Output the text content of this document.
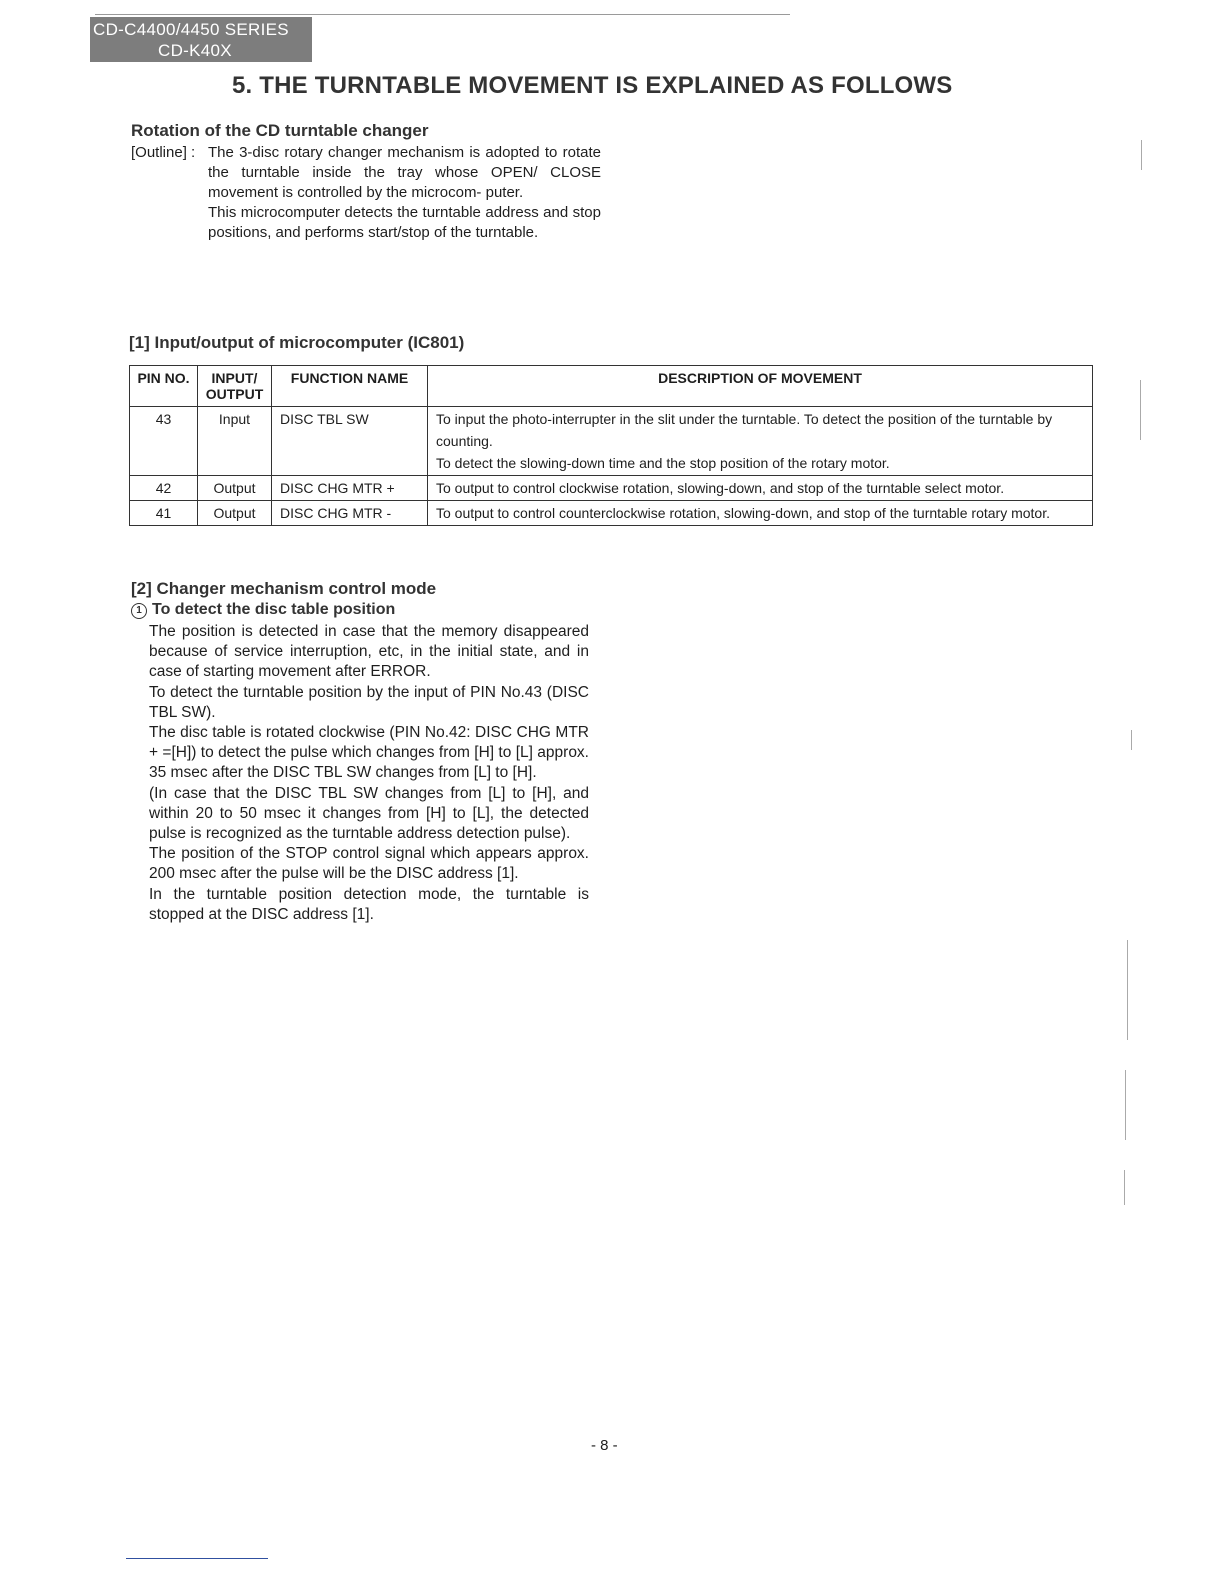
CD-C4400/4450 SERIES
CD-K40X
5. THE TURNTABLE MOVEMENT IS EXPLAINED AS FOLLOWS
Rotation of the CD turntable changer
[Outline] : The 3-disc rotary changer mechanism is adopted to rotate the turntable inside the tray whose OPEN/ CLOSE movement is controlled by the microcom- puter.

This microcomputer detects the turntable address and stop positions, and performs start/stop of the turntable.

[1] Input/output of microcomputer (IC801)
PIN NO.	INPUT/ OUTPUT	FUNCTION NAME	DESCRIPTION OF MOVEMENT
43	Input	DISC TBL SW	To input the photo-interrupter in the slit under the turntable. To detect the position of the turntable by counting.
To detect the slowing-down time and the stop position of the rotary motor.

42	Output	DISC CHG MTR +	To output to control clockwise rotation, slowing-down, and stop of the turntable select motor.
41	Output	DISC CHG MTR -	To output to control counterclockwise rotation, slowing-down, and stop of the turntable rotary motor.
[2] Changer mechanism control mode
1 To detect the disc table position

The position is detected in case that the memory disappeared because of service interruption, etc, in the initial state, and in case of starting movement after ERROR.

To detect the turntable position by the input of PIN No.43 (DISC TBL SW).

The disc table is rotated clockwise (PIN No.42: DISC CHG MTR + =[H]) to detect the pulse which changes from [H] to [L] approx. 35 msec after the DISC TBL SW changes from [L] to [H].

(In case that the DISC TBL SW changes from [L] to [H], and within 20 to 50 msec it changes from [H] to [L], the detected pulse is recognized as the turntable address detection pulse).

The position of the STOP control signal which appears approx. 200 msec after the pulse will be the DISC address [1].

In the turntable position detection mode, the turntable is stopped at the DISC address [1].

- 8 -
